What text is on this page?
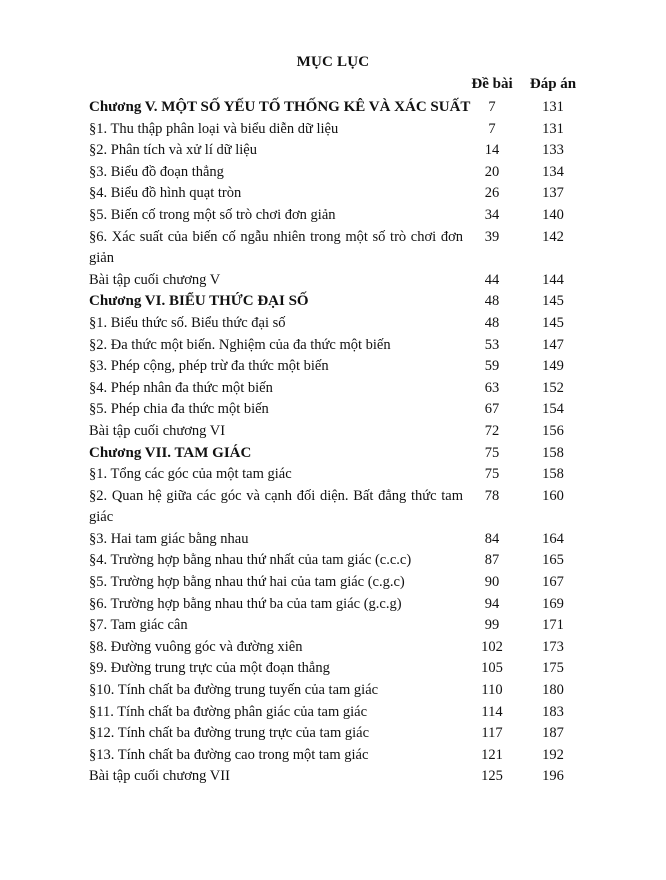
MỤC LỤC
Đề bài	Đáp án
Chương V. MỘT SỐ YẾU TỐ THỐNG KÊ VÀ XÁC SUẤT	7	131
§1. Thu thập phân loại và biểu diễn dữ liệu	7	131
§2. Phân tích và xử lí dữ liệu	14	133
§3. Biểu đồ đoạn thẳng	20	134
§4. Biểu đồ hình quạt tròn	26	137
§5. Biến cố trong một số trò chơi đơn giản	34	140
§6. Xác suất của biến cố ngẫu nhiên trong một số trò chơi đơn giản
39	142
Bài tập cuối chương V	44	144
Chương VI. BIỂU THỨC ĐẠI SỐ	48	145
§1. Biểu thức số. Biểu thức đại số	48	145
§2. Đa thức một biến. Nghiệm của đa thức một biến	53	147
§3. Phép cộng, phép trừ đa thức một biến	59	149
§4. Phép nhân đa thức một biến	63	152
§5. Phép chia đa thức một biến	67	154
Bài tập cuối chương VI	72	156
Chương VII. TAM GIÁC	75	158
§1. Tổng các góc của một tam giác	75	158
§2. Quan hệ giữa các góc và cạnh đối diện. Bất đẳng thức tam giác
78	160
§3. Hai tam giác bằng nhau	84	164
§4. Trường hợp bằng nhau thứ nhất của tam giác (c.c.c)	87	165
§5. Trường hợp bằng nhau thứ hai của tam giác (c.g.c)	90	167
§6. Trường hợp bằng nhau thứ ba của tam giác (g.c.g)	94	169
§7. Tam giác cân	99	171
§8. Đường vuông góc và đường xiên	102	173
§9. Đường trung trực của một đoạn thẳng	105	175
§10. Tính chất ba đường trung tuyến của tam giác	110	180
§11. Tính chất ba đường phân giác của tam giác	114	183
§12. Tính chất ba đường trung trực của tam giác	117	187
§13. Tính chất ba đường cao trong một tam giác	121	192
Bài tập cuối chương VII	125	196
